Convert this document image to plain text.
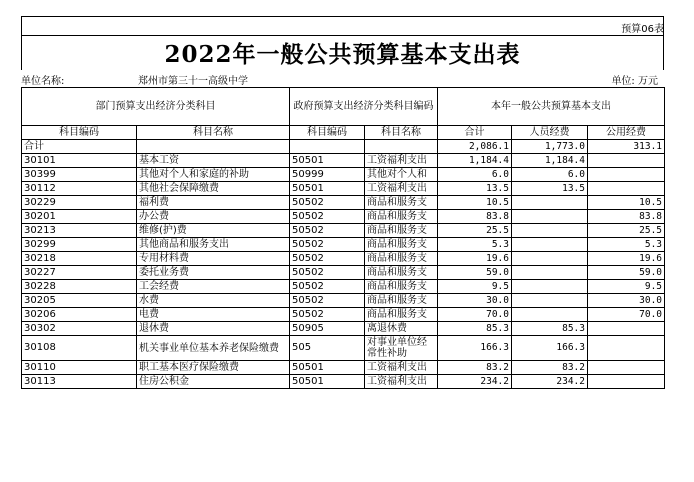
预算06表
2022年一般公共预算基本支出表
单位名称:	郑州市第三十一高级中学	单位: 万元
部门预算支出经济分类科目		政府预算支出经济分类科目编码		本年一般公共预算基本支出		
科目编码	科目名称	科目编码	科目名称	合计	人员经费	公用经费
合计				2,086.1	1,773.0	313.1
30101	基本工资	50501	工资福利支出	1,184.4	1,184.4	
30399	其他对个人和家庭的补助	50999	其他对个人和	6.0	6.0	
30112	其他社会保障缴费	50501	工资福利支出	13.5	13.5	
30229	福利费	50502	商品和服务支	10.5		10.5
30201	办公费	50502	商品和服务支	83.8		83.8
30213	维修(护)费	50502	商品和服务支	25.5		25.5
30299	其他商品和服务支出	50502	商品和服务支	5.3		5.3
30218	专用材料费	50502	商品和服务支	19.6		19.6
30227	委托业务费	50502	商品和服务支	59.0		59.0
30228	工会经费	50502	商品和服务支	9.5		9.5
30205	水费	50502	商品和服务支	30.0		30.0
30206	电费	50502	商品和服务支	70.0		70.0
30302	退休费	50905	离退休费	85.3	85.3	
30108	机关事业单位基本养老保险缴费	505	对事业单位经常性补助	166.3	166.3	
30110	职工基本医疗保险缴费	50501	工资福利支出	83.2	83.2	
30113	住房公积金	50501	工资福利支出	234.2	234.2	
